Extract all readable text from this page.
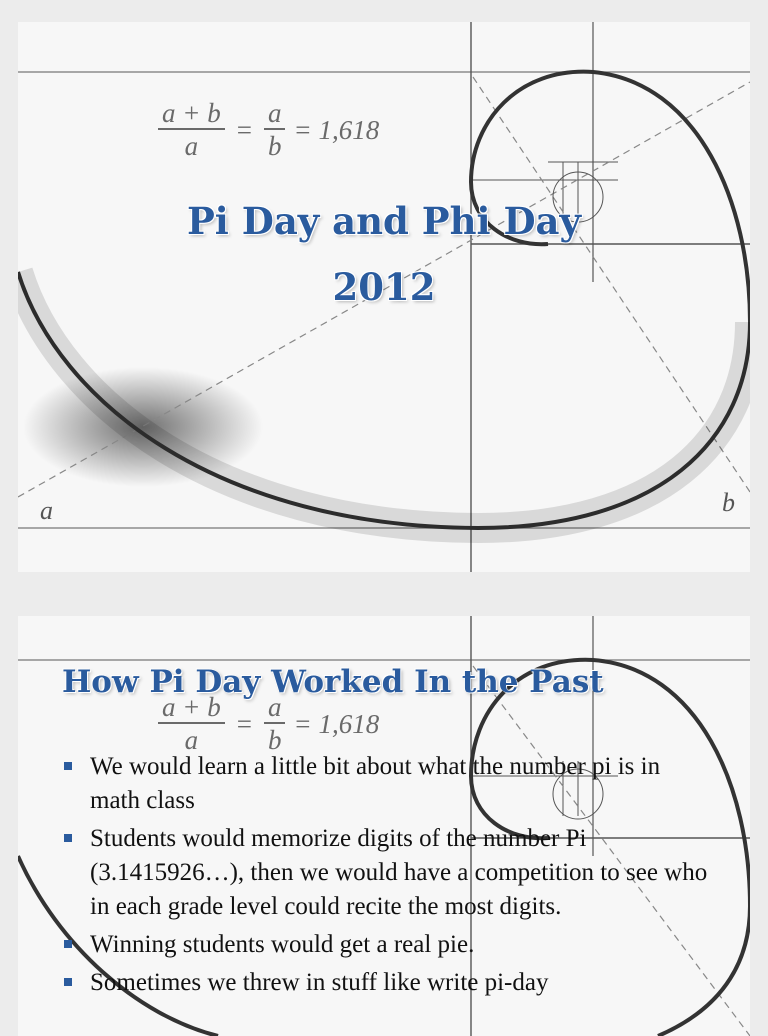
$\frac{a + b}{a} = \frac{a}{b} = 1,618$
Pi Day and Phi Day
2012
a	b
$\frac{a + b}{a} = \frac{a}{b} = 1,618$
How Pi Day Worked In the Past
We would learn a little bit about what the number pi is in math class
Students would memorize digits of the number Pi (3.1415926…), then we would have a competition to see who in each grade level could recite the most digits.
Winning students would get a real pie.
Sometimes we threw in stuff like write pi-day
